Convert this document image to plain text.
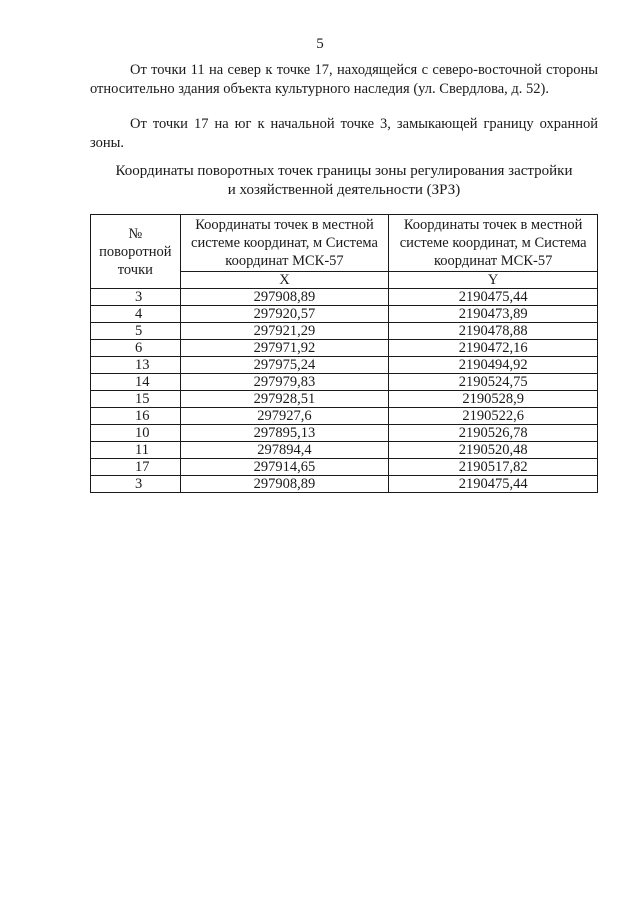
5

От точки 11 на север к точке 17, находящейся с северо-восточной стороны относительно здания объекта культурного наследия (ул. Свердлова, д. 52).

От точки 17 на юг к начальной точке 3, замыкающей границу охранной зоны.

Координаты поворотных точек границы зоны регулирования застройки
и хозяйственной деятельности (ЗРЗ)

№ поворотной точки	Координаты точек в местной системе координат, м Система координат МСК-57	Координаты точек в местной системе координат, м Система координат МСК-57
	X	Y
3	297908,89	2190475,44
4	297920,57	2190473,89
5	297921,29	2190478,88
6	297971,92	2190472,16
13	297975,24	2190494,92
14	297979,83	2190524,75
15	297928,51	2190528,9
16	297927,6	2190522,6
10	297895,13	2190526,78
11	297894,4	2190520,48
17	297914,65	2190517,82
3	297908,89	2190475,44
